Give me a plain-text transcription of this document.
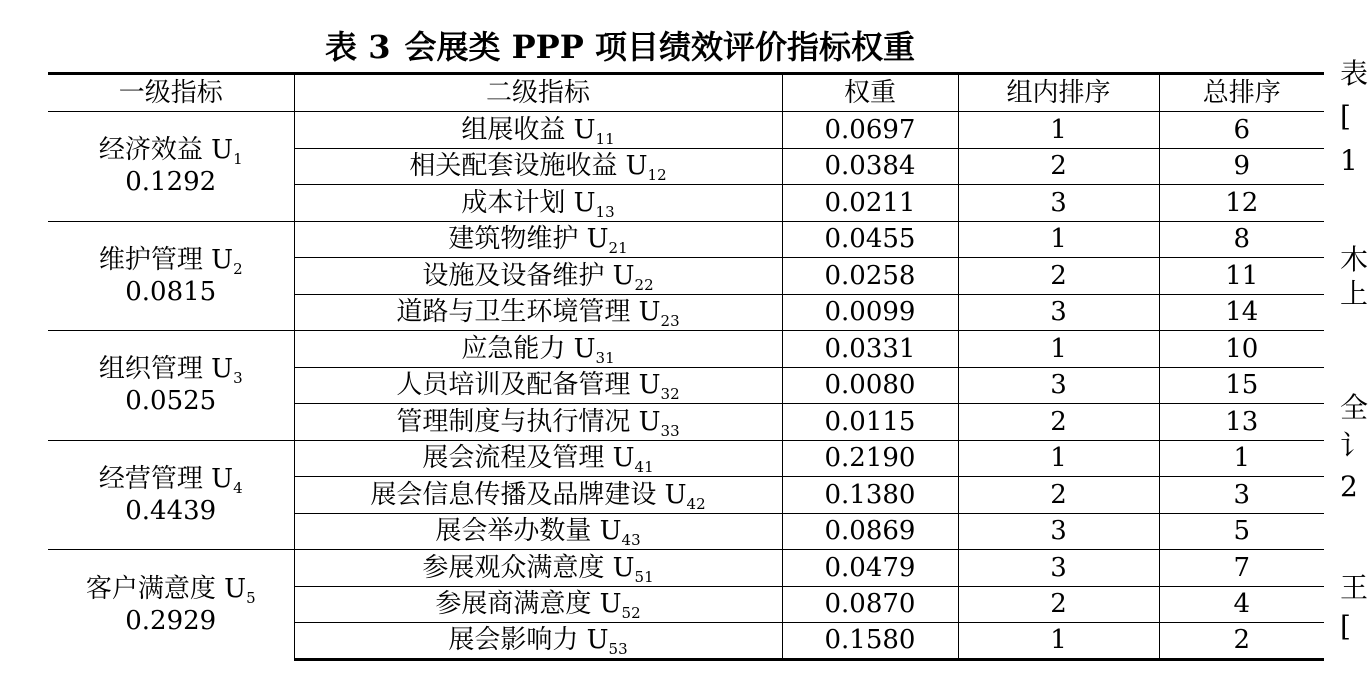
表 3 会展类 PPP 项目绩效评价指标权重
一级指标	二级指标	权重	组内排序	总排序

经济效益 $U_1$
0.1292	组展收益 $U_{11}$	0.0697	1	6
	相关配套设施收益 $U_{12}$	0.0384	2	9
	成本计划 $U_{13}$	0.0211	3	12

维护管理 $U_2$
0.0815	建筑物维护 $U_{21}$	0.0455	1	8
	设施及设备维护 $U_{22}$	0.0258	2	11
	道路与卫生环境管理 $U_{23}$	0.0099	3	14

组织管理 $U_3$
0.0525	应急能力 $U_{31}$	0.0331	1	10
	人员培训及配备管理 $U_{32}$	0.0080	3	15
	管理制度与执行情况 $U_{33}$	0.0115	2	13

经营管理 $U_4$
0.4439	展会流程及管理 $U_{41}$	0.2190	1	1
	展会信息传播及品牌建设 $U_{42}$	0.1380	2	3
	展会举办数量 $U_{43}$	0.0869	3	5

客户满意度 $U_5$
0.2929	参展观众满意度 $U_{51}$	0.0479	3	7
	参展商满意度 $U_{52}$	0.0870	2	4
	展会影响力 $U_{53}$	0.1580	1	2
表
[
1
木
上
全
讠
2
王
[
